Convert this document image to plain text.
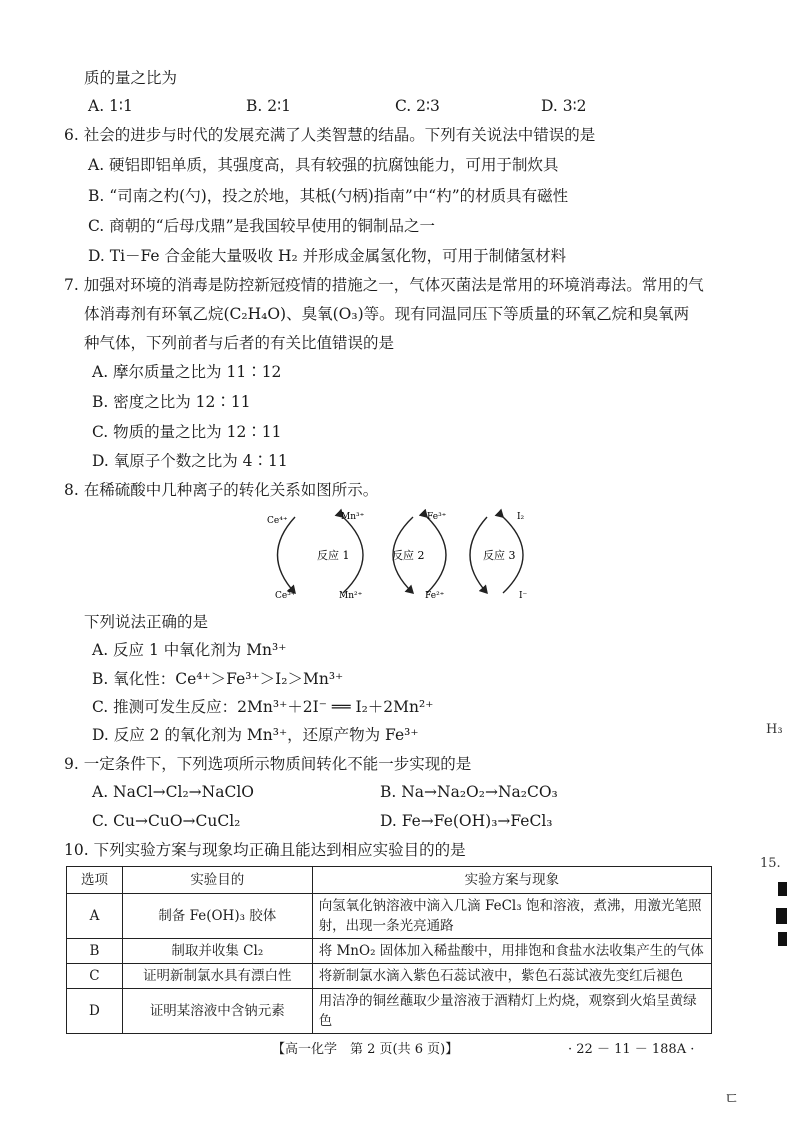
质的量之比为
A. 1∶1	B. 2∶1	C. 2∶3	D. 3∶2
6. 社会的进步与时代的发展充满了人类智慧的结晶。下列有关说法中错误的是
A. 硬铝即铝单质，其强度高，具有较强的抗腐蚀能力，可用于制炊具
B. “司南之杓(勺)，投之於地，其柢(勺柄)指南”中“杓”的材质具有磁性
C. 商朝的“后母戊鼎”是我国较早使用的铜制品之一
D. Ti－Fe 合金能大量吸收 H₂ 并形成金属氢化物，可用于制储氢材料
7. 加强对环境的消毒是防控新冠疫情的措施之一，气体灭菌法是常用的环境消毒法。常用的气
体消毒剂有环氧乙烷(C₂H₄O)、臭氧(O₃)等。现有同温同压下等质量的环氧乙烷和臭氧两
种气体，下列前者与后者的有关比值错误的是
A. 摩尔质量之比为 11∶12
B. 密度之比为 12∶11
C. 物质的量之比为 12∶11
D. 氧原子个数之比为 4∶11
8. 在稀硫酸中几种离子的转化关系如图所示。
Ce⁴⁺
Ce³⁺
Mn³⁺
Mn²⁺
Fe³⁺
Fe²⁺
I₂
I⁻
反应 1	反应 2	反应 3
下列说法正确的是
A. 反应 1 中氧化剂为 Mn³⁺
B. 氧化性：Ce⁴⁺＞Fe³⁺＞I₂＞Mn³⁺
C. 推测可发生反应：2Mn³⁺＋2I⁻ ══ I₂＋2Mn²⁺
D. 反应 2 的氧化剂为 Mn³⁺，还原产物为 Fe³⁺
9. 一定条件下，下列选项所示物质间转化不能一步实现的是
A. NaCl→Cl₂→NaClO	B. Na→Na₂O₂→Na₂CO₃
C. Cu→CuO→CuCl₂	D. Fe→Fe(OH)₃→FeCl₃
10. 下列实验方案与现象均正确且能达到相应实验目的的是
选项	实验目的	实验方案与现象
A	制备 Fe(OH)₃ 胶体	向氢氧化钠溶液中滴入几滴 FeCl₃ 饱和溶液，煮沸，用激光笔照射，出现一条光亮通路
B	制取并收集 Cl₂	将 MnO₂ 固体加入稀盐酸中，用排饱和食盐水法收集产生的气体
C	证明新制氯水具有漂白性	将新制氯水滴入紫色石蕊试液中，紫色石蕊试液先变红后褪色
D	证明某溶液中含钠元素	用洁净的铜丝蘸取少量溶液于酒精灯上灼烧，观察到火焰呈黄绿色
【高一化学　第 2 页(共 6 页)】	· 22 － 11 － 188A ·
H₃
15.
ㄷ
